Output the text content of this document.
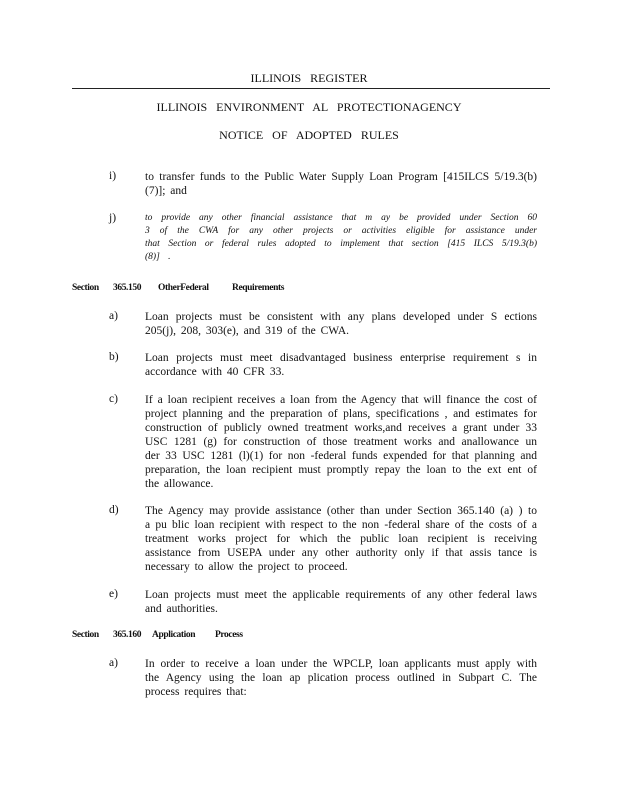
ILLINOIS REGISTER
ILLINOIS ENVIRONMENT AL PROTECTIONAGENCY
NOTICE OF ADOPTED RULES
i)	to transfer funds to the Public Water Supply Loan Program [415ILCS 5/19.3(b)(7)]; and
j)	to provide any other financial assistance that m ay be provided under Section 60 3 of the CWA for any other projects or activities eligible for assistance under that Section or federal rules adopted to implement that section [415 ILCS 5/19.3(b)(8)] .
Section 365.150 OtherFederal Requirements
a) Loan projects must be consistent with any plans developed under S ections 205(j), 208, 303(e), and 319 of the CWA.
b) Loan projects must meet disadvantaged business enterprise requirement s in accordance with 40 CFR 33.
c) If a loan recipient receives a loan from the Agency that will finance the cost of project planning and the preparation of plans, specifications , and estimates for construction of publicly owned treatment works,and receives a grant under 33 USC 1281 (g) for construction of those treatment works and anallowance un der 33 USC 1281 (l)(1) for non -federal funds expended for that planning and preparation, the loan recipient must promptly repay the loan to the ext ent of the allowance.
d) The Agency may provide assistance (other than under Section 365.140 (a) ) to a pu blic loan recipient with respect to the non -federal share of the costs of a treatment works project for which the public loan recipient is receiving assistance from USEPA under any other authority only if that assis tance is necessary to allow the project to proceed.
e) Loan projects must meet the applicable requirements of any other federal laws and authorities.
Section 365.160 Application Process
a) In order to receive a loan under the WPCLP, loan applicants must apply with the Agency using the loan ap plication process outlined in Subpart C. The process requires that:
